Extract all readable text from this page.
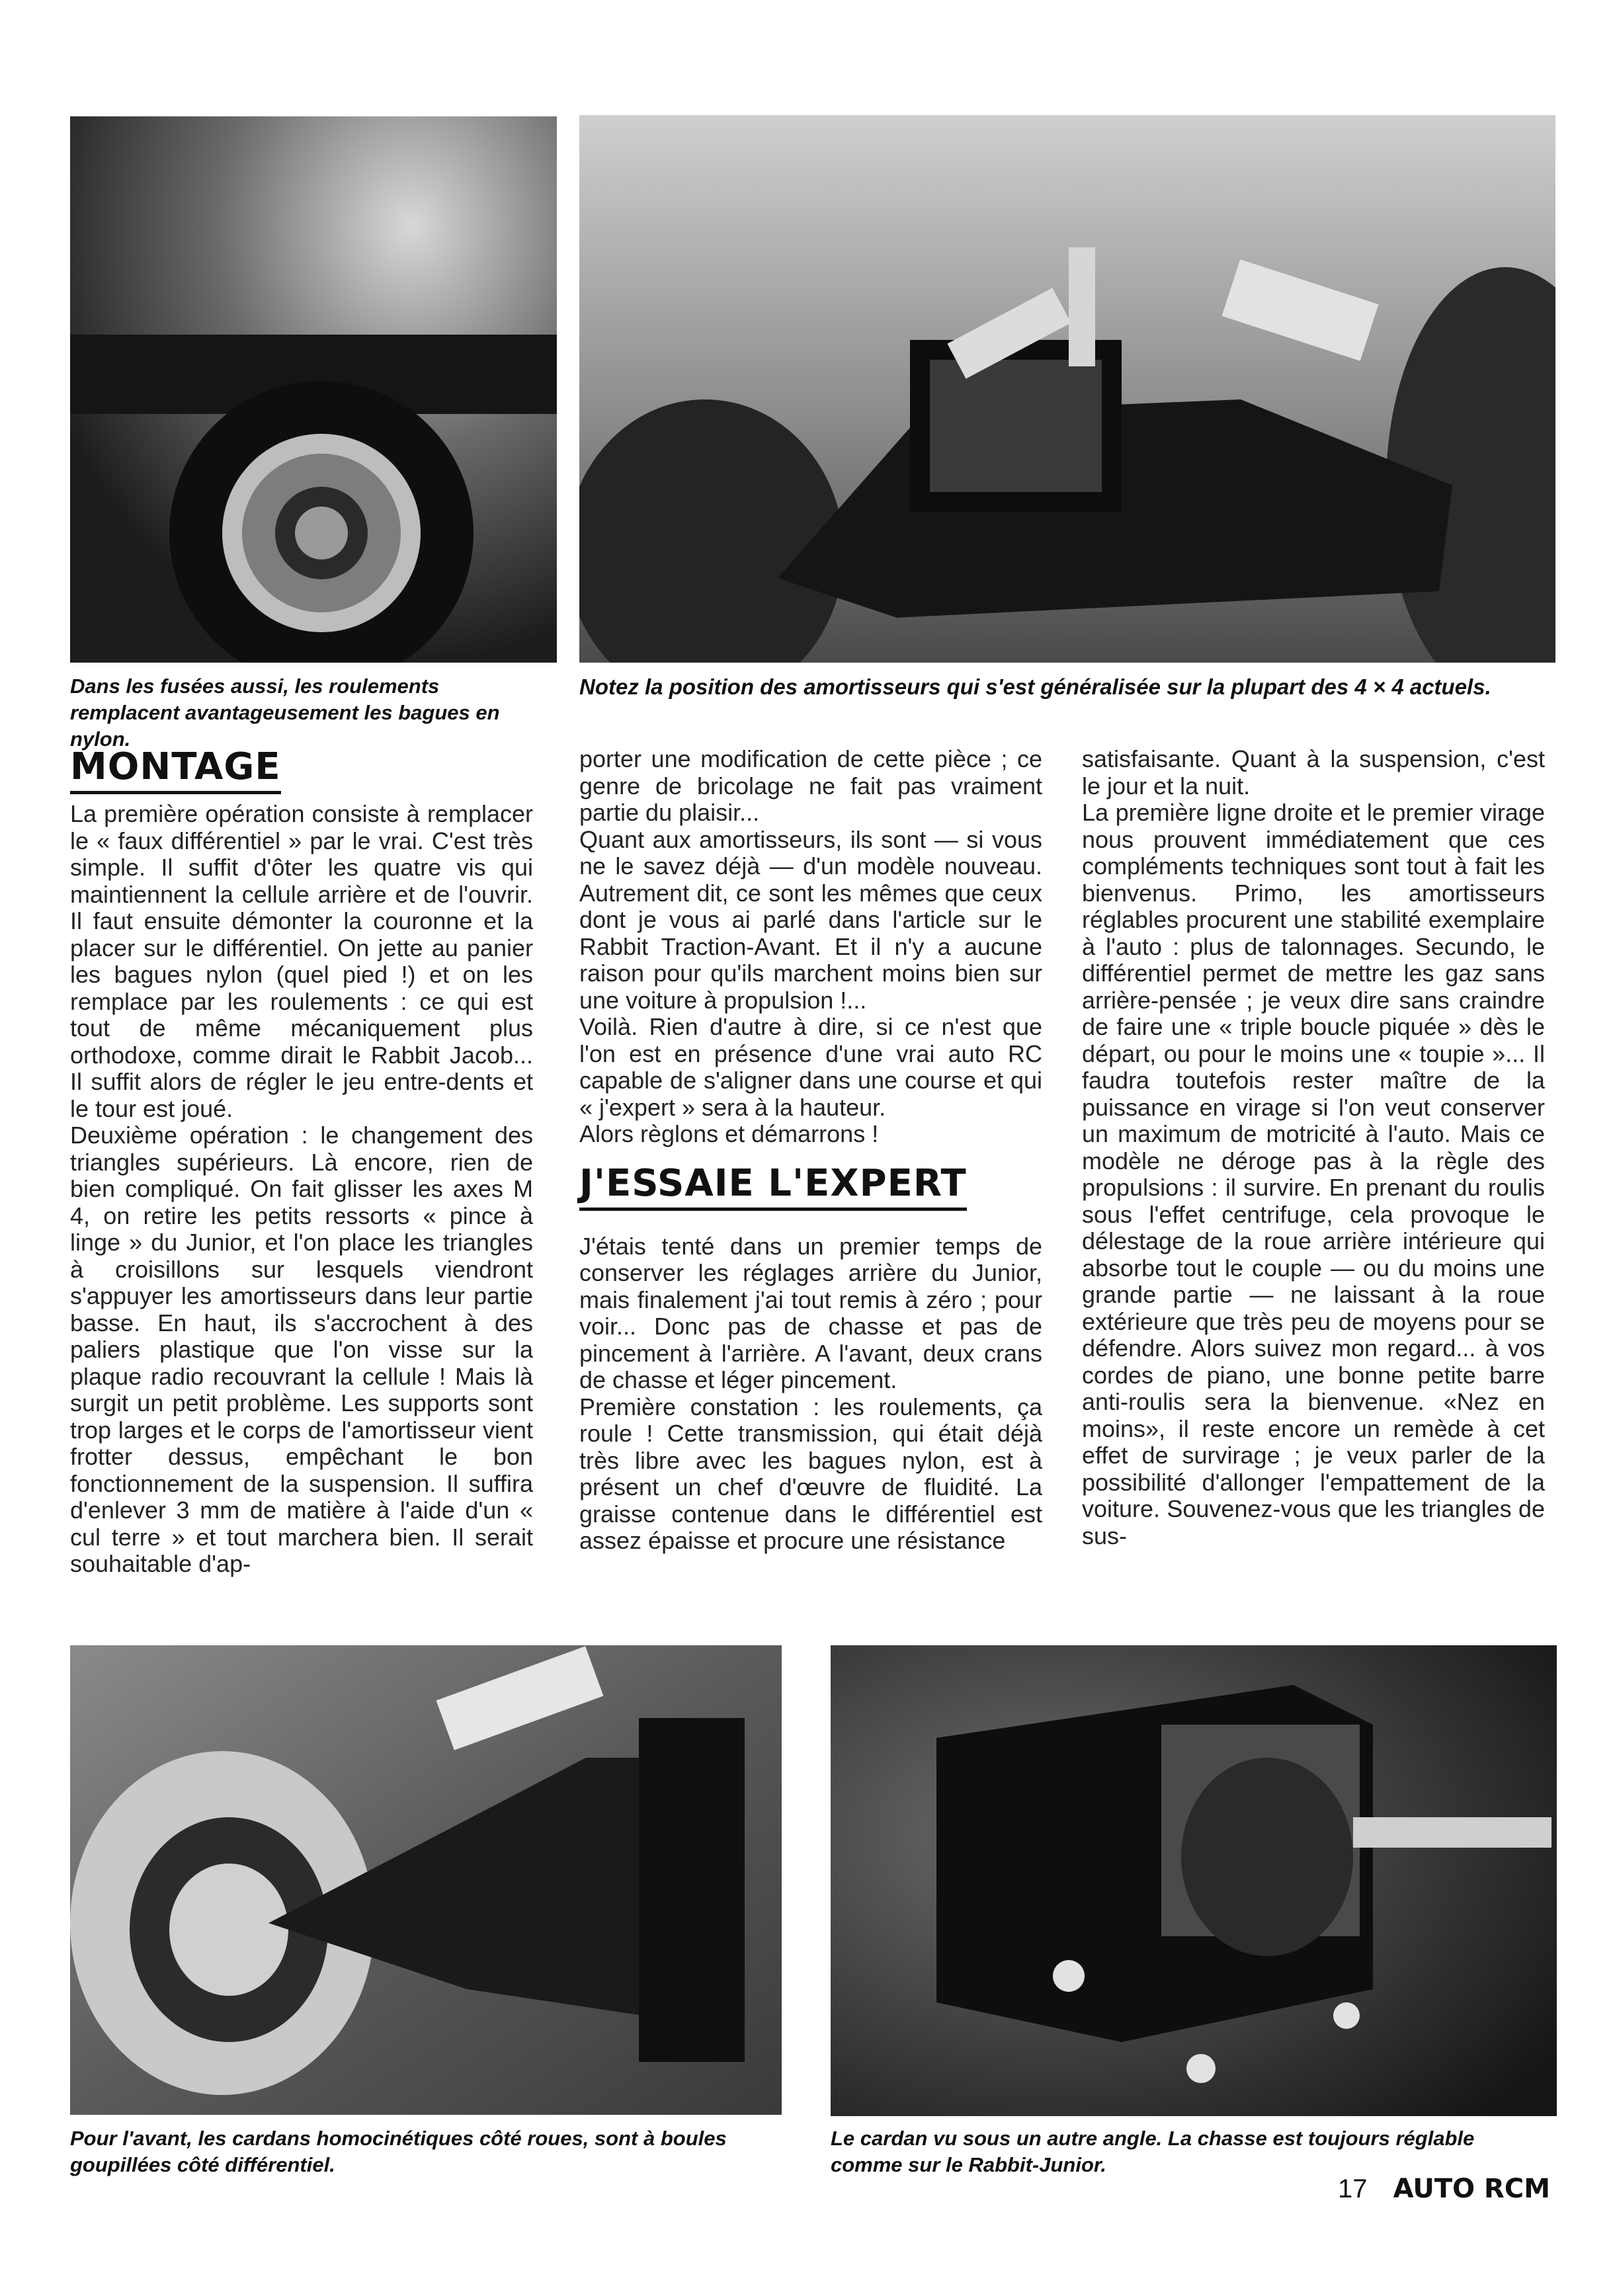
Dans les fusées aussi, les roulements remplacent avantageusement les bagues en nylon.

Notez la position des amortisseurs qui s'est généralisée sur la plupart des 4 × 4 actuels.

Pour l'avant, les cardans homocinétiques côté roues, sont à boules goupillées côté différentiel.

Le cardan vu sous un autre angle. La chasse est toujours réglable comme sur le Rabbit-Junior.

MONTAGE

La première opération consiste à remplacer le « faux différentiel » par le vrai. C'est très simple. Il suffit d'ôter les quatre vis qui maintiennent la cellule arrière et de l'ouvrir. Il faut ensuite démonter la couronne et la placer sur le différentiel. On jette au panier les bagues nylon (quel pied !) et on les remplace par les roulements : ce qui est tout de même mécaniquement plus orthodoxe, comme dirait le Rabbit Jacob... Il suffit alors de régler le jeu entre-dents et le tour est joué.

Deuxième opération : le changement des triangles supérieurs. Là encore, rien de bien compliqué. On fait glisser les axes M 4, on retire les petits ressorts « pince à linge » du Junior, et l'on place les triangles à croisillons sur lesquels viendront s'appuyer les amortisseurs dans leur partie basse. En haut, ils s'accrochent à des paliers plastique que l'on visse sur la plaque radio recouvrant la cellule ! Mais là surgit un petit problème. Les supports sont trop larges et le corps de l'amortisseur vient frotter dessus, empêchant le bon fonctionnement de la suspension. Il suffira d'enlever 3 mm de matière à l'aide d'un « cul terre » et tout marchera bien. Il serait souhaitable d'ap-

porter une modification de cette pièce ; ce genre de bricolage ne fait pas vraiment partie du plaisir...

Quant aux amortisseurs, ils sont — si vous ne le savez déjà — d'un modèle nouveau. Autrement dit, ce sont les mêmes que ceux dont je vous ai parlé dans l'article sur le Rabbit Traction-Avant. Et il n'y a aucune raison pour qu'ils marchent moins bien sur une voiture à propulsion !...

Voilà. Rien d'autre à dire, si ce n'est que l'on est en présence d'une vrai auto RC capable de s'aligner dans une course et qui « j'expert » sera à la hauteur.

Alors règlons et démarrons !

J'ESSAIE L'EXPERT

J'étais tenté dans un premier temps de conserver les réglages arrière du Junior, mais finalement j'ai tout remis à zéro ; pour voir... Donc pas de chasse et pas de pincement à l'arrière. A l'avant, deux crans de chasse et léger pincement.

Première constation : les roulements, ça roule ! Cette transmission, qui était déjà très libre avec les bagues nylon, est à présent un chef d'œuvre de fluidité. La graisse contenue dans le différentiel est assez épaisse et procure une résistance

satisfaisante. Quant à la suspension, c'est le jour et la nuit.

La première ligne droite et le premier virage nous prouvent immédiatement que ces compléments techniques sont tout à fait les bienvenus. Primo, les amortisseurs réglables procurent une stabilité exemplaire à l'auto : plus de talonnages. Secundo, le différentiel permet de mettre les gaz sans arrière-pensée ; je veux dire sans craindre de faire une « triple boucle piquée » dès le départ, ou pour le moins une « toupie »... Il faudra toutefois rester maître de la puissance en virage si l'on veut conserver un maximum de motricité à l'auto. Mais ce modèle ne déroge pas à la règle des propulsions : il survire. En prenant du roulis sous l'effet centrifuge, cela provoque le délestage de la roue arrière intérieure qui absorbe tout le couple — ou du moins une grande partie — ne laissant à la roue extérieure que très peu de moyens pour se défendre. Alors suivez mon regard... à vos cordes de piano, une bonne petite barre anti-roulis sera la bienvenue. «Nez en moins», il reste encore un remède à cet effet de survirage ; je veux parler de la possibilité d'allonger l'empattement de la voiture. Souvenez-vous que les triangles de sus-

17 AUTO RCM
